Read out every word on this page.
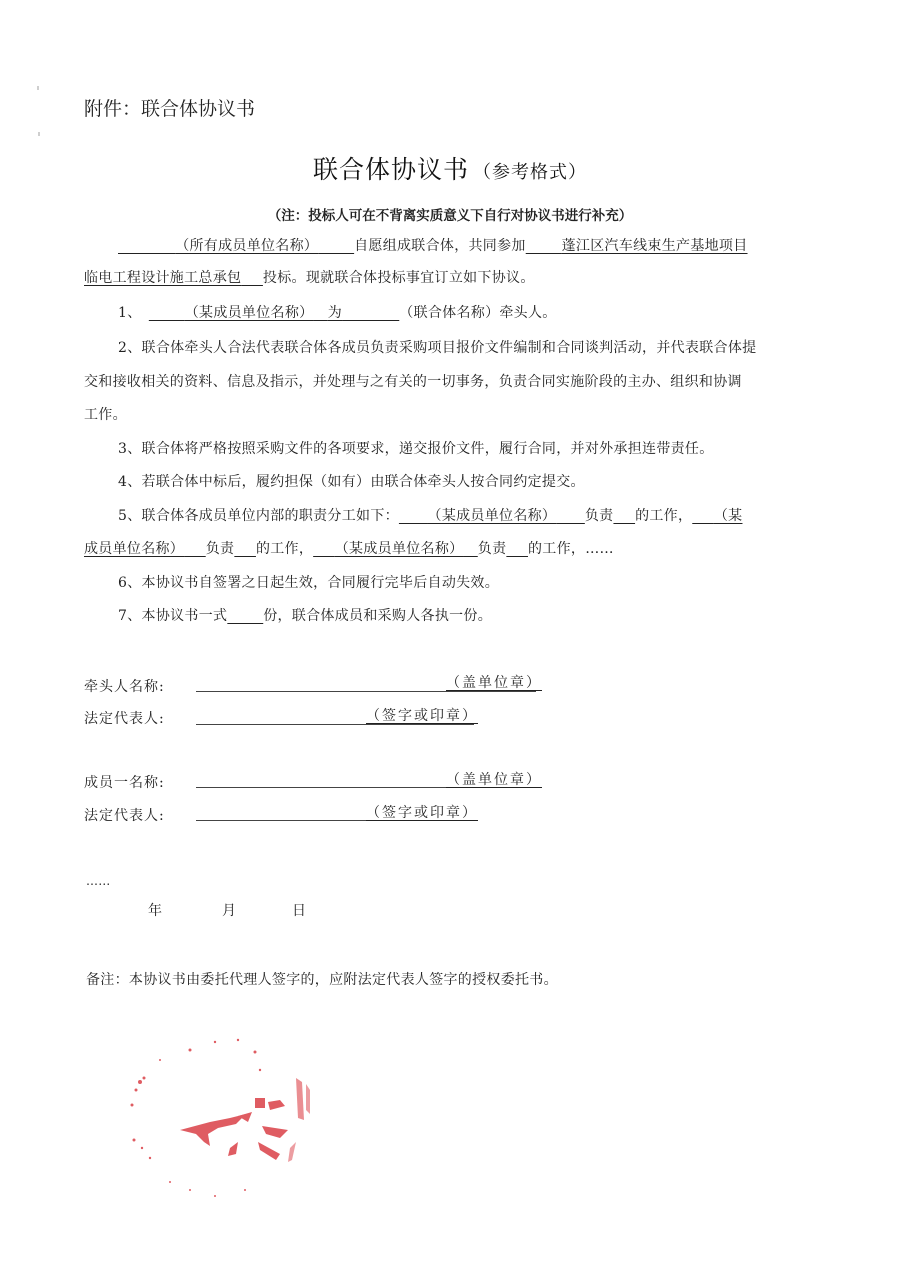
附件：联合体协议书
联合体协议书 （参考格式）
（注：投标人可在不背离实质意义下自行对协议书进行补充）
    （所有成员单位名称）   	自愿组成联合体，共同参加   	蓬江区汽车线束生产基地项目
临电工程设计施工总承包   投标。现就联合体投标事宜订立如下协议。
1、    	（某成员单位名称）  为    	（联合体名称）牵头人。
2、联合体牵头人合法代表联合体各成员负责采购项目报价文件编制和合同谈判活动，并代表联合体提
交和接收相关的资料、信息及指示，并处理与之有关的一切事务，负责合同实施阶段的主办、组织和协调
工作。
3、联合体将严格按照采购文件的各项要求，递交报价文件，履行合同，并对外承担连带责任。
4、若联合体中标后，履约担保（如有）由联合体牵头人按合同约定提交。
5、联合体各成员单位内部的职责分工如下：   （某成员单位名称）   负责   的工作，   （某
成员单位名称）   负责   的工作，   （某成员单位名称）  负责   的工作，……
6、本协议书自签署之日起生效，合同履行完毕后自动失效。
7、本协议书一式   	份，联合体成员和采购人各执一份。
牵头人名称:	（盖单位章）
法定代表人:	（签字或印章）
成员一名称:	（盖单位章）
法定代表人:	（签字或印章）
……
年	月	日
备注：本协议书由委托代理人签字的，应附法定代表人签字的授权委托书。
